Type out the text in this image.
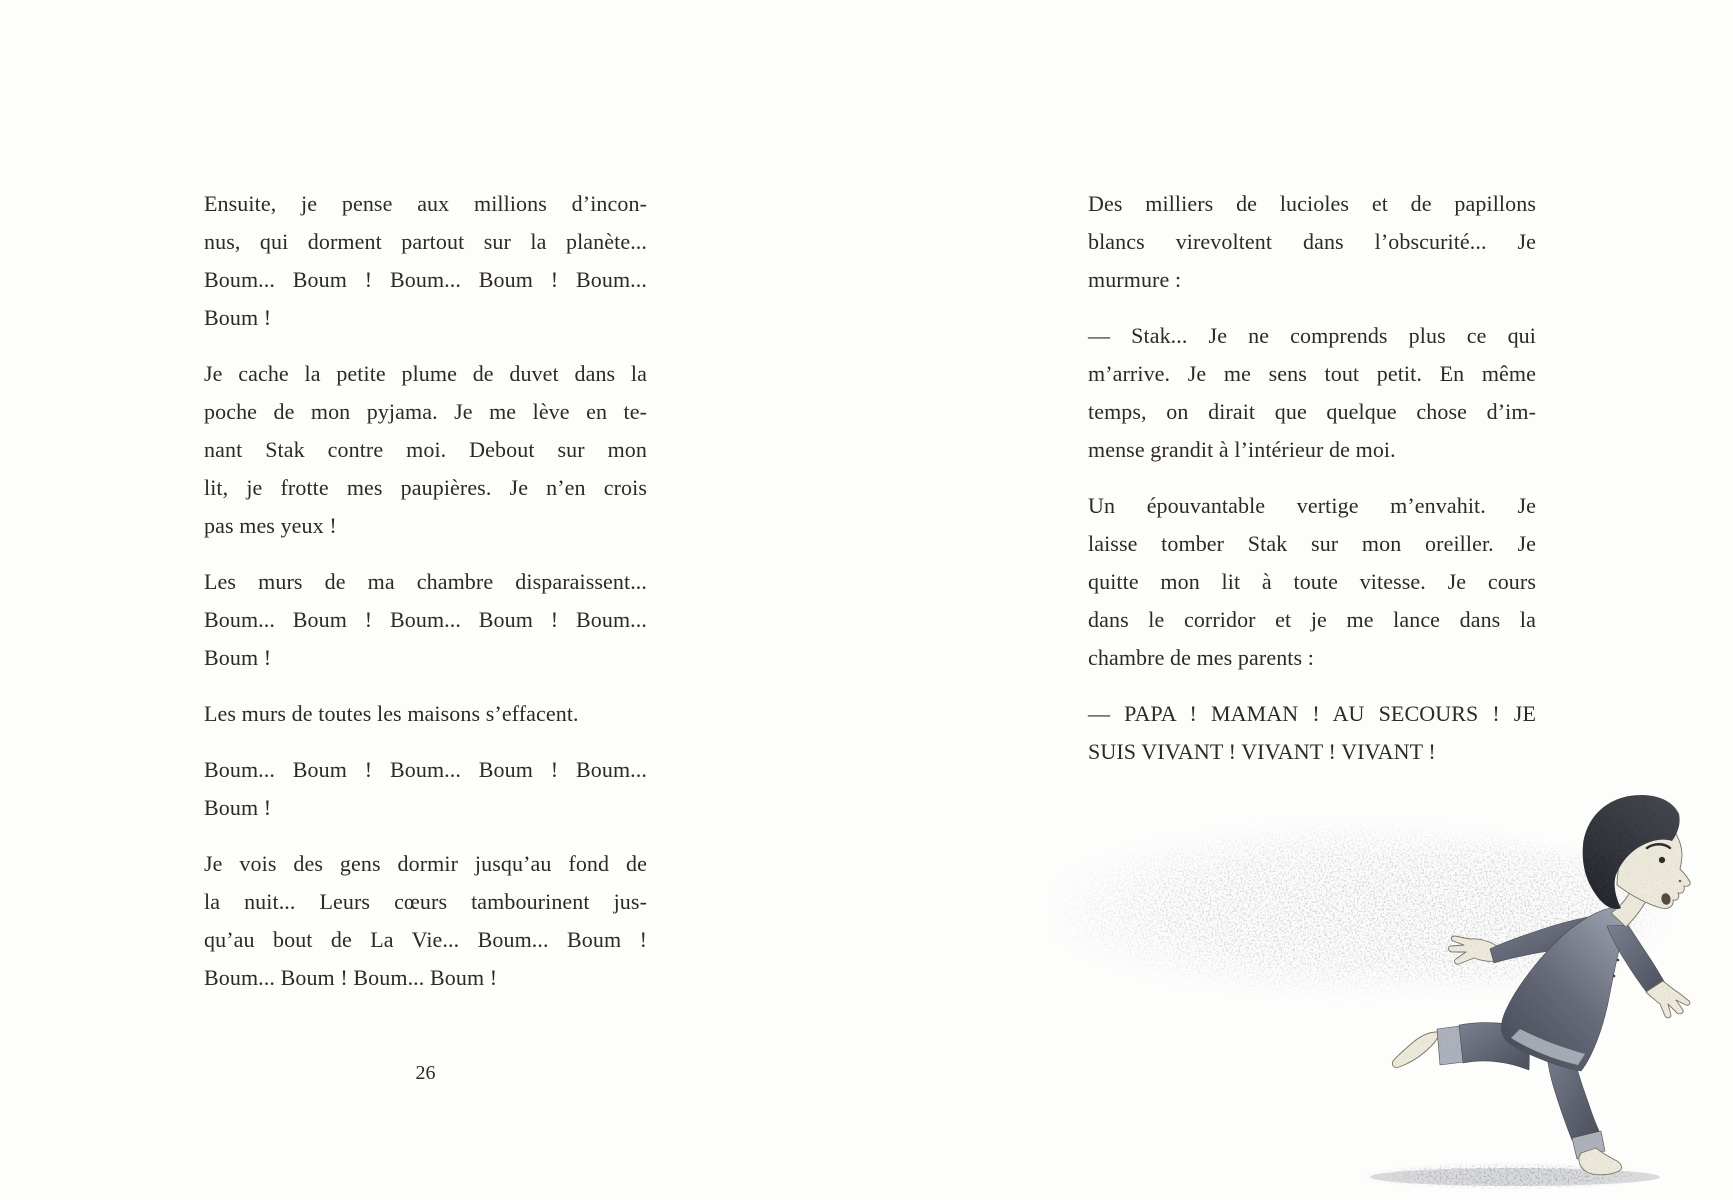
Ensuite, je pense aux millions d’incon-
nus, qui dorment partout sur la planète...
Boum... Boum ! Boum... Boum ! Boum...
Boum !
Je cache la petite plume de duvet dans la
poche de mon pyjama. Je me lève en te-
nant Stak contre moi. Debout sur mon
lit, je frotte mes paupières. Je n’en crois
pas mes yeux !
Les murs de ma chambre disparaissent...
Boum... Boum ! Boum... Boum ! Boum...
Boum !
Les murs de toutes les maisons s’effacent.
Boum... Boum ! Boum... Boum ! Boum...
Boum !
Je vois des gens dormir jusqu’au fond de
la nuit... Leurs cœurs tambourinent jus-
qu’au bout de La Vie... Boum... Boum !
Boum... Boum ! Boum... Boum !
26
Des milliers de lucioles et de papillons
blancs virevoltent dans l’obscurité... Je
murmure :
— Stak... Je ne comprends plus ce qui
m’arrive. Je me sens tout petit. En même
temps, on dirait que quelque chose d’im-
mense grandit à l’intérieur de moi.
Un épouvantable vertige m’envahit. Je
laisse tomber Stak sur mon oreiller. Je
quitte mon lit à toute vitesse. Je cours
dans le corridor et je me lance dans la
chambre de mes parents :
— PAPA ! MAMAN ! AU SECOURS ! JE
SUIS VIVANT ! VIVANT ! VIVANT !
